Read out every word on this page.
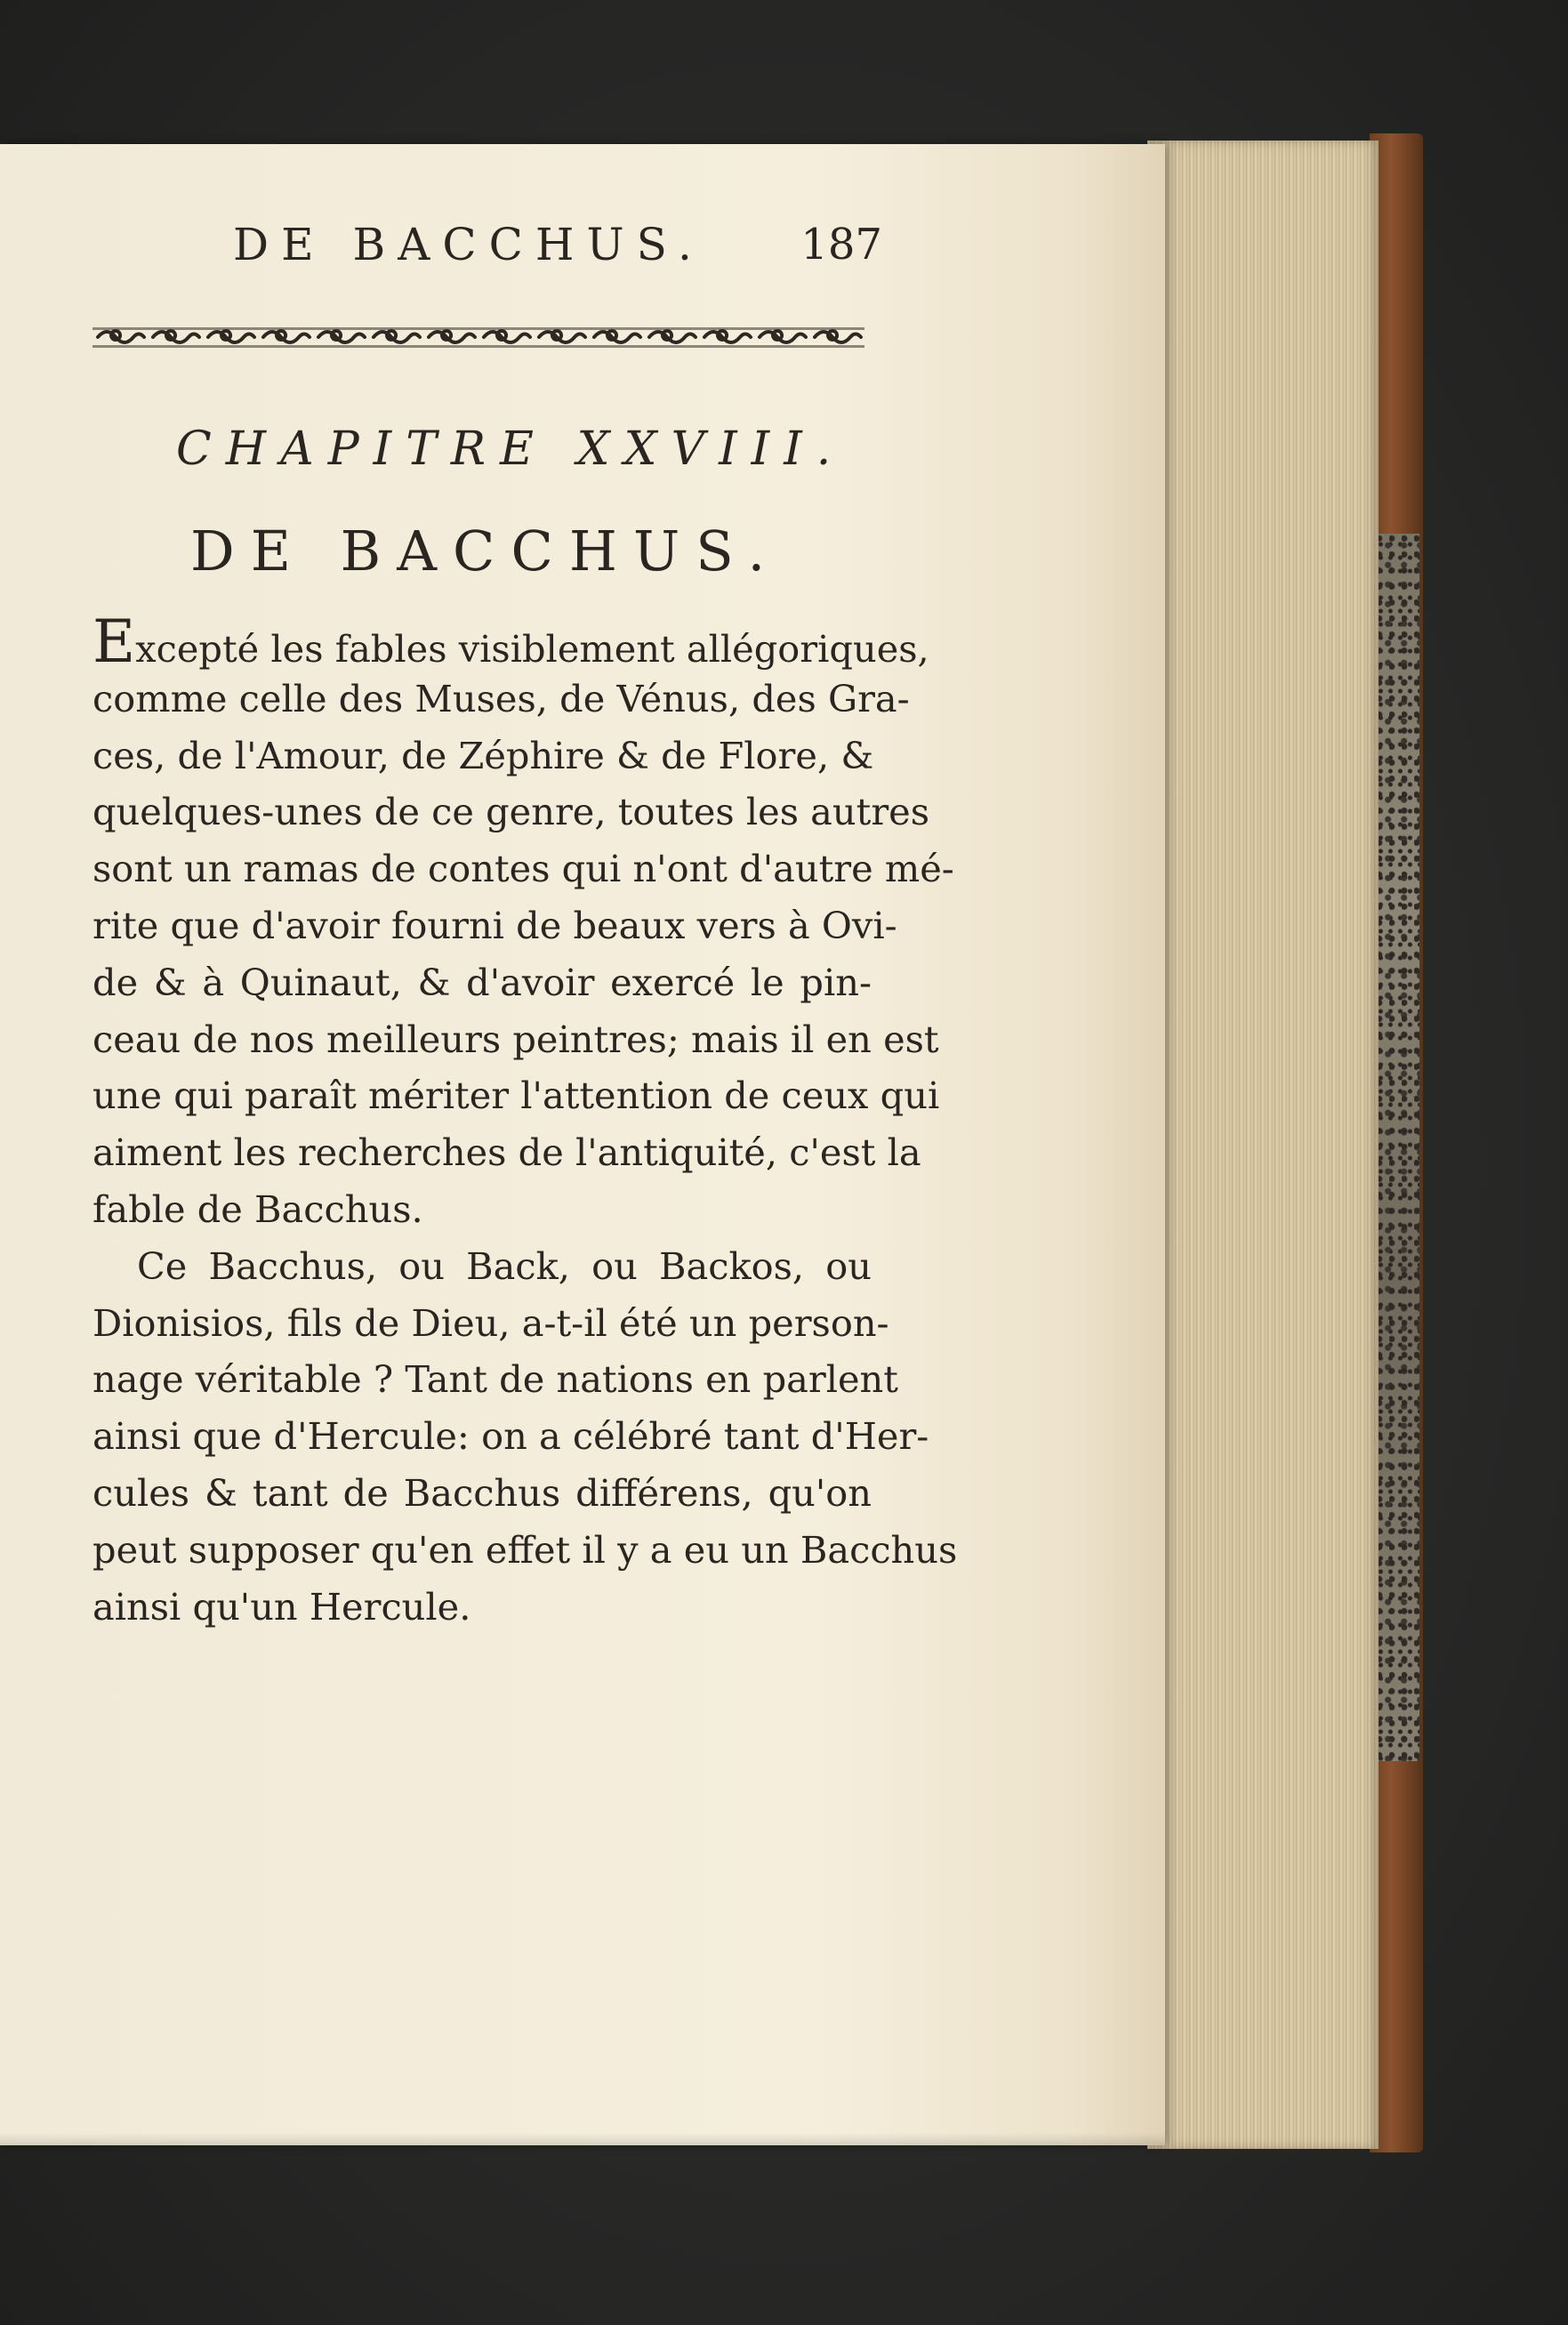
DE BACCHUS. 187
CHAPITRE XXVIII.
DE BACCHUS.
Excepté les fables visiblement allégoriques,
comme celle des Muses, de Vénus, des Gra-
ces, de l'Amour, de Zéphire & de Flore, &
quelques-unes de ce genre, toutes les autres
sont un ramas de contes qui n'ont d'autre mé-
rite que d'avoir fourni de beaux vers à Ovi-
de & à Quinaut, & d'avoir exercé le pin-
ceau de nos meilleurs peintres; mais il en est
une qui paraît mériter l'attention de ceux qui
aiment les recherches de l'antiquité, c'est la
fable de Bacchus.
Ce Bacchus, ou Back, ou Backos, ou
Dionisios, fils de Dieu, a-t-il été un person-
nage véritable ? Tant de nations en parlent
ainsi que d'Hercule: on a célébré tant d'Her-
cules & tant de Bacchus différens, qu'on
peut supposer qu'en effet il y a eu un Bacchus
ainsi qu'un Hercule.
